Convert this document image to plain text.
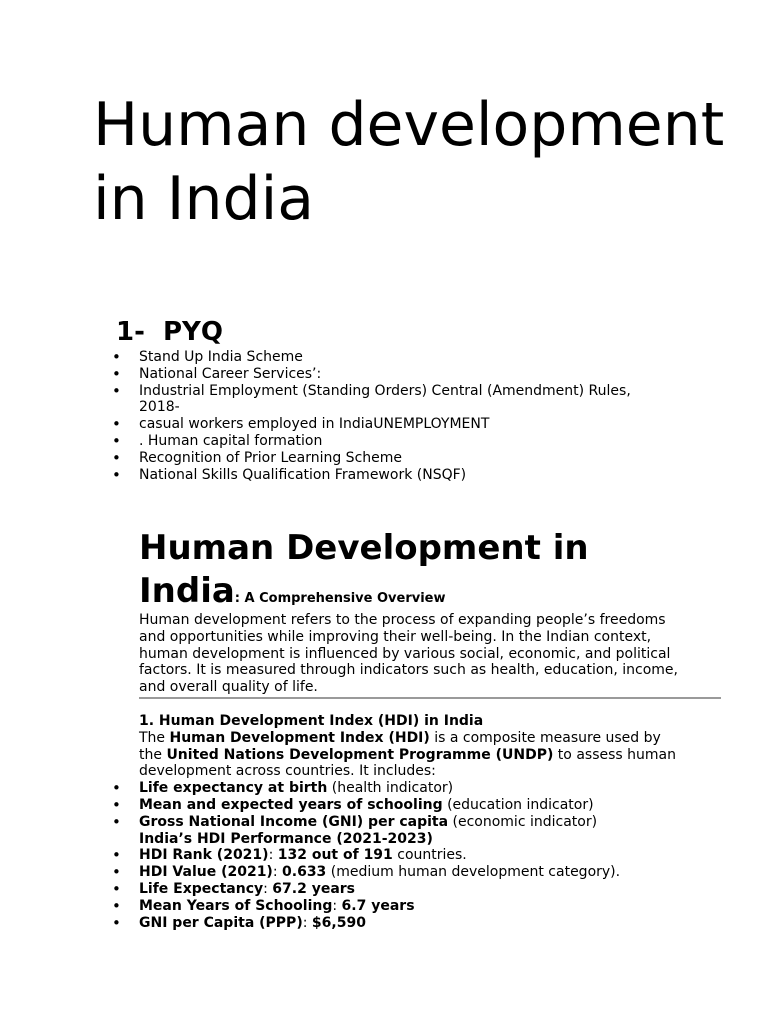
Human development in India
1-  PYQ
• Stand Up India Scheme
• National Career Services’:
• Industrial Employment (Standing Orders) Central (Amendment) Rules, 2018-
• casual workers employed in IndiaUNEMPLOYMENT
• . Human capital formation
• Recognition of Prior Learning Scheme
• National Skills Qualification Framework (NSQF)
Human Development in India: A Comprehensive Overview

Human development refers to the process of expanding people’s freedoms and opportunities while improving their well-being. In the Indian context, human development is influenced by various social, economic, and political factors. It is measured through indicators such as health, education, income, and overall quality of life.

1. Human Development Index (HDI) in India

The Human Development Index (HDI) is a composite measure used by the United Nations Development Programme (UNDP) to assess human development across countries. It includes:

• Life expectancy at birth (health indicator)
• Mean and expected years of schooling (education indicator)
• Gross National Income (GNI) per capita (economic indicator)

India’s HDI Performance (2021-2023)

• HDI Rank (2021): 132 out of 191 countries.
• HDI Value (2021): 0.633 (medium human development category).
• Life Expectancy: 67.2 years
• Mean Years of Schooling: 6.7 years
• GNI per Capita (PPP): $6,590
